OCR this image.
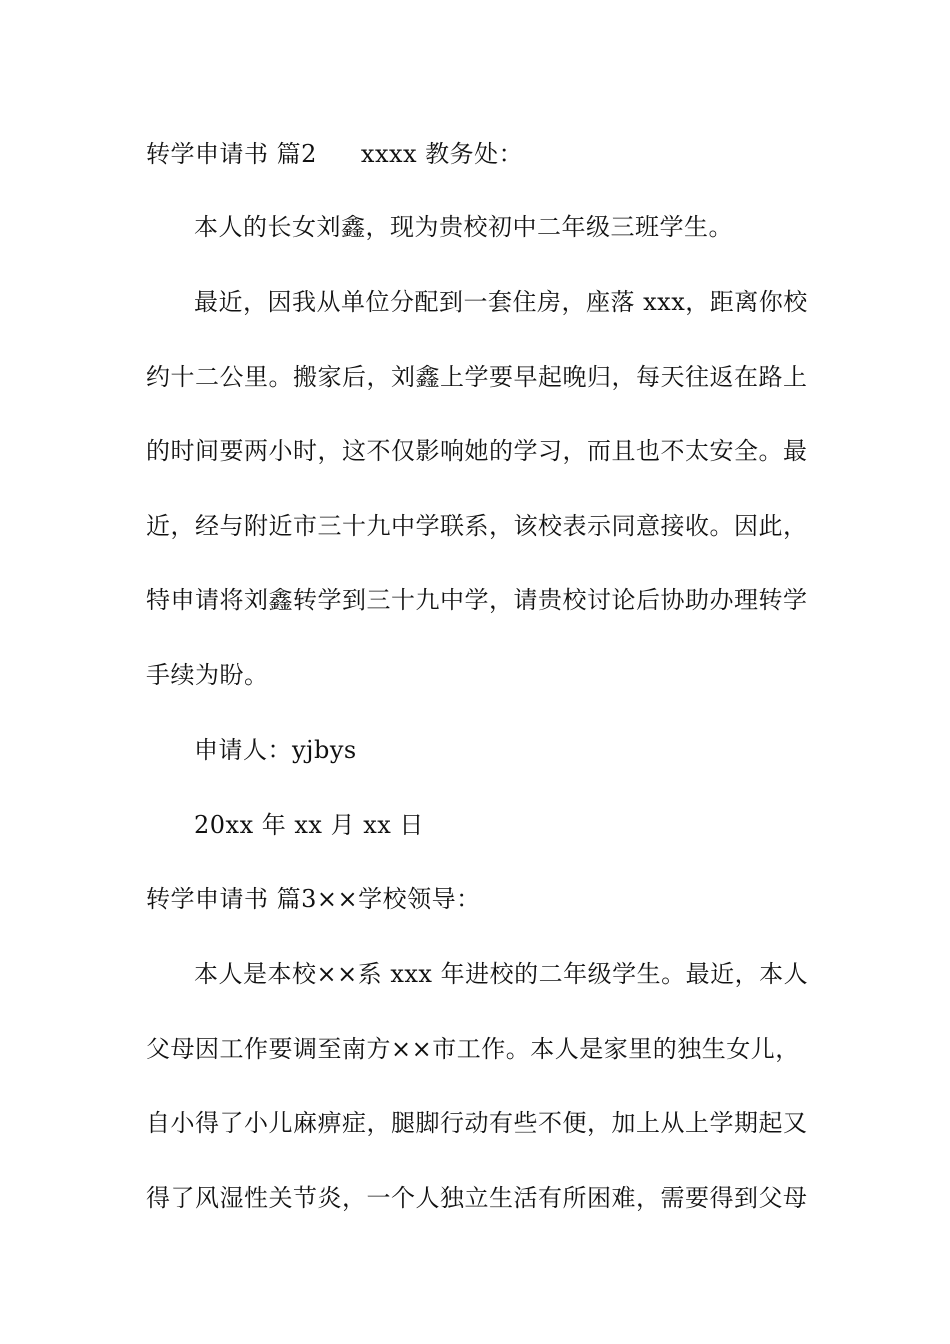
转学申请书 篇2 xxxx 教务处：
本人的长女刘鑫，现为贵校初中二年级三班学生。
最近，因我从单位分配到一套住房，座落 xxx，距离你校
约十二公里。搬家后，刘鑫上学要早起晚归，每天往返在路上
的时间要两小时，这不仅影响她的学习，而且也不太安全。最
近，经与附近市三十九中学联系，该校表示同意接收。因此，
特申请将刘鑫转学到三十九中学，请贵校讨论后协助办理转学
手续为盼。
申请人：yjbys
20xx 年 xx 月 xx 日
转学申请书 篇3××学校领导：
本人是本校××系 xxx 年进校的二年级学生。最近，本人
父母因工作要调至南方××市工作。本人是家里的独生女儿，
自小得了小儿麻痹症，腿脚行动有些不便，加上从上学期起又
得了风湿性关节炎，一个人独立生活有所困难，需要得到父母
